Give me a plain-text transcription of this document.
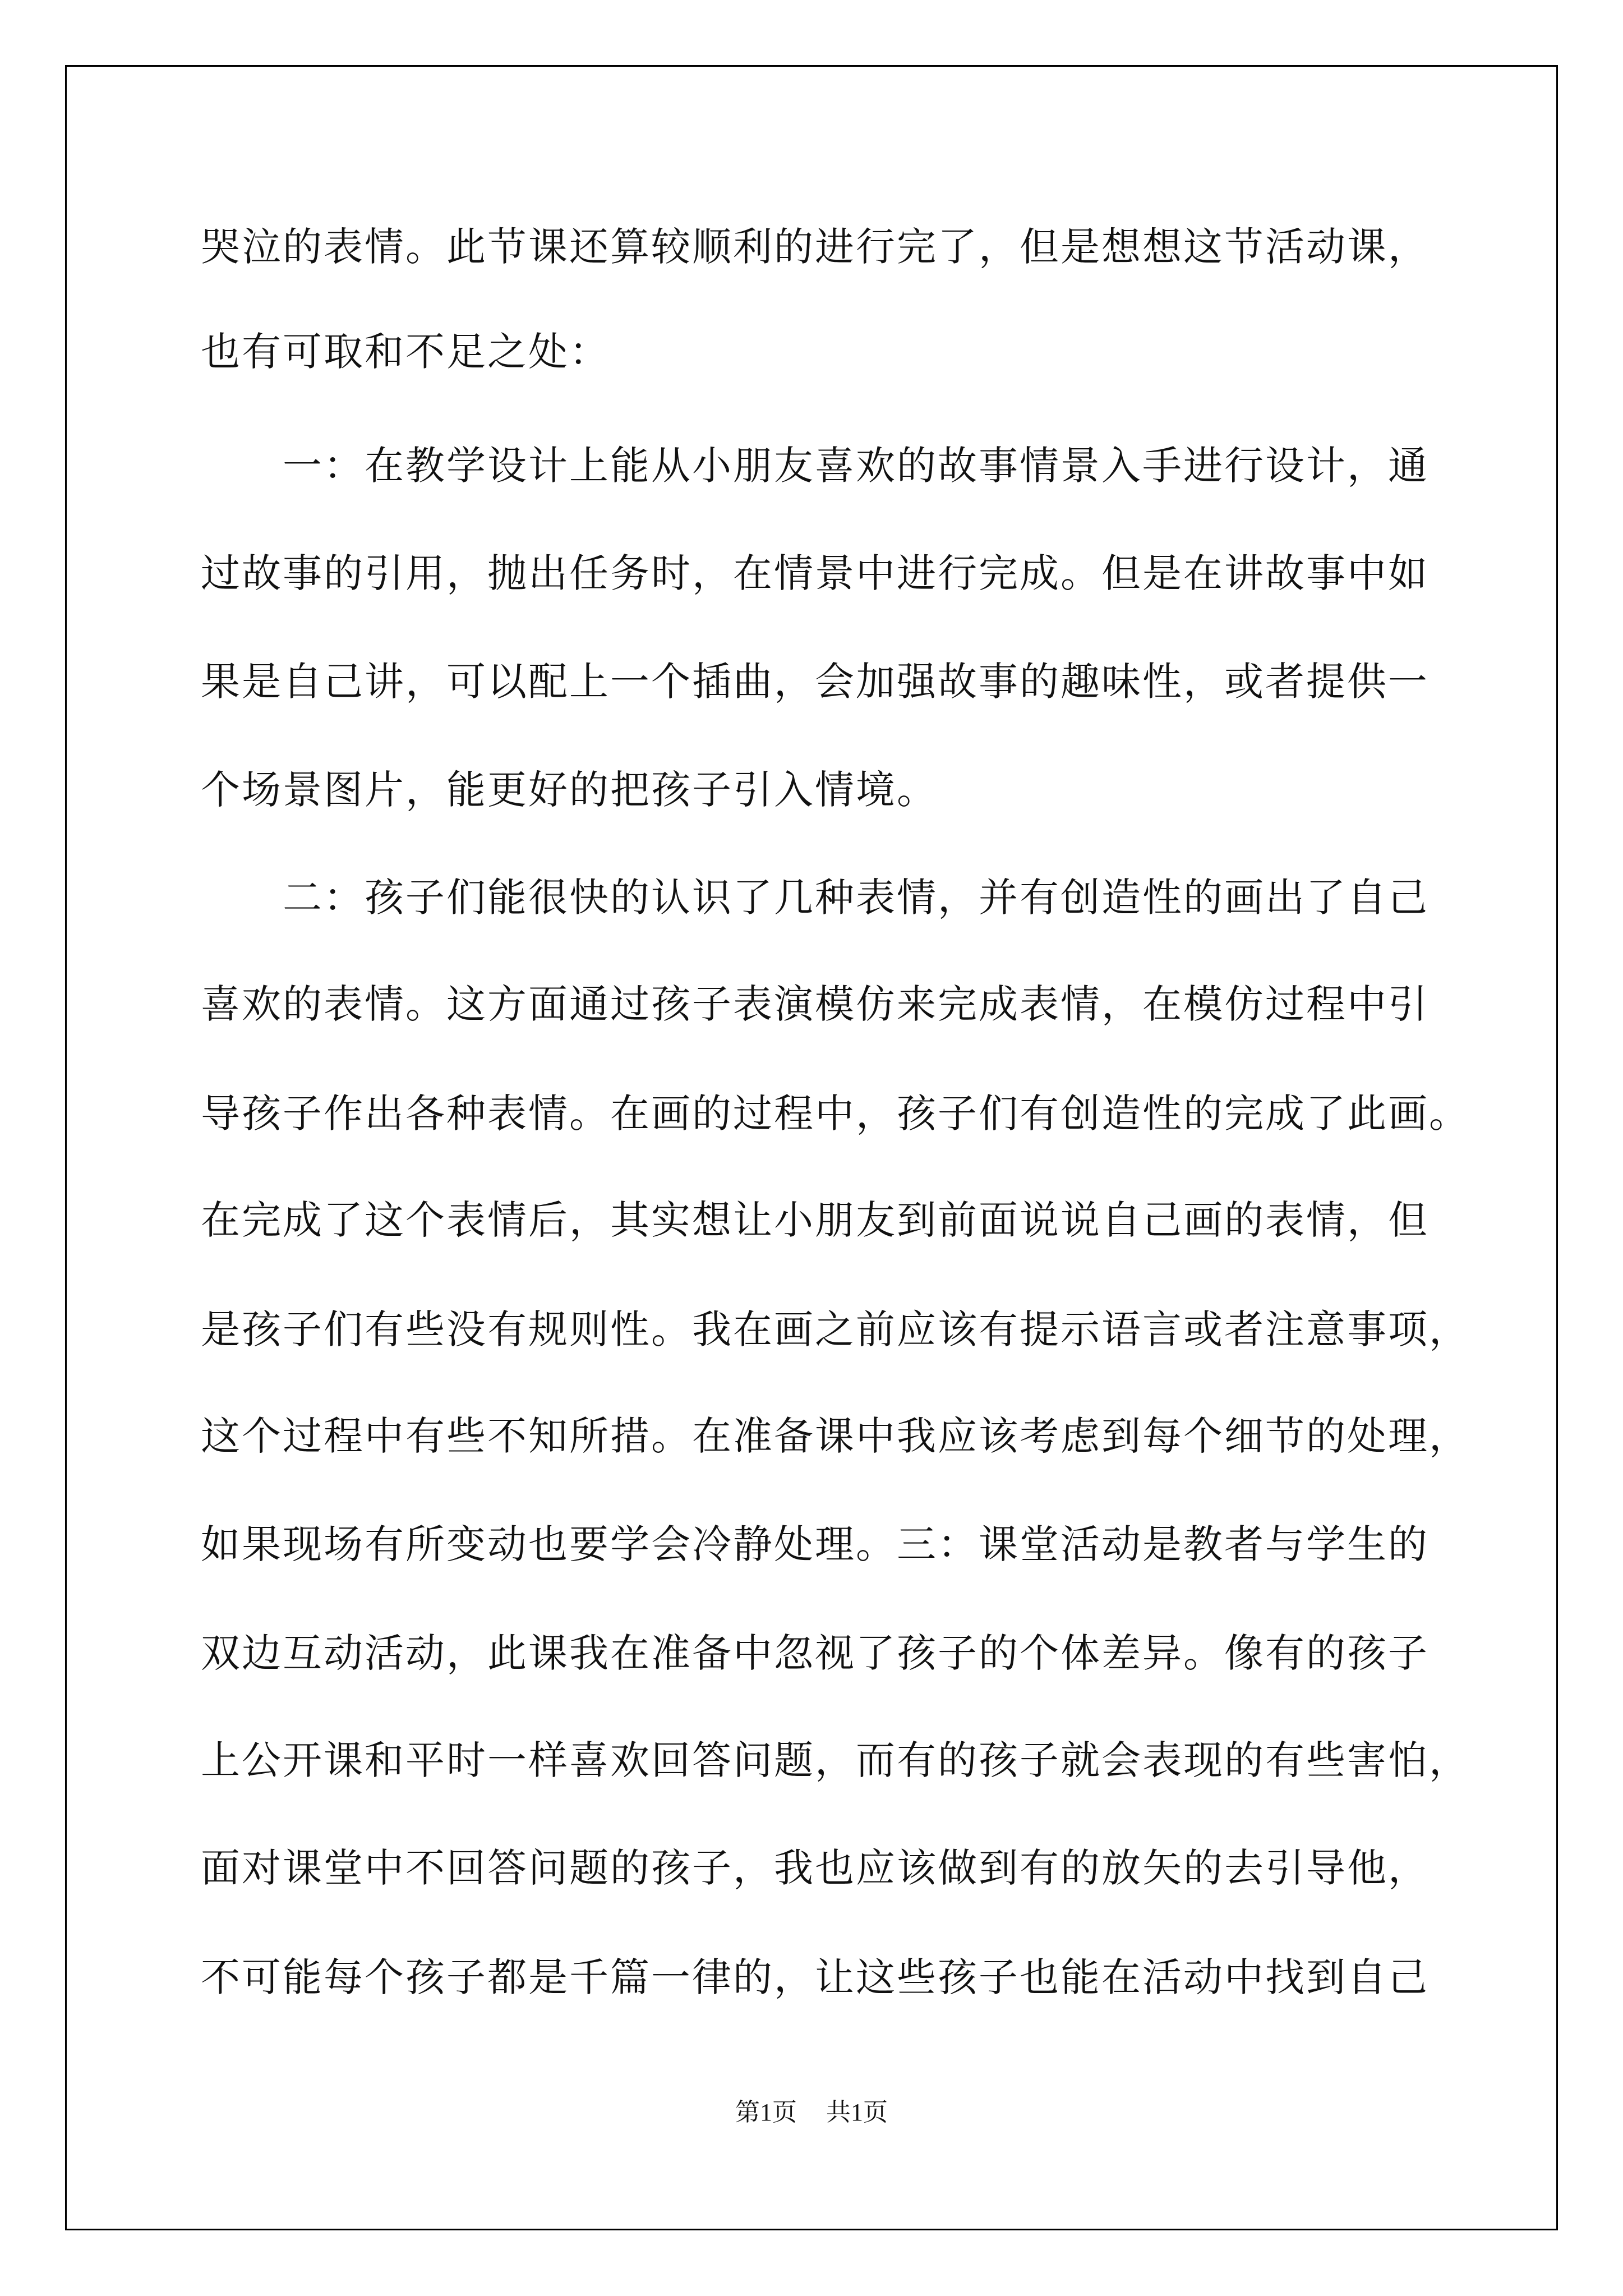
哭泣的表情。此节课还算较顺利的进行完了，但是想想这节活动课，
也有可取和不足之处：
　　一：在教学设计上能从小朋友喜欢的故事情景入手进行设计，通
过故事的引用，抛出任务时，在情景中进行完成。但是在讲故事中如
果是自己讲，可以配上一个插曲，会加强故事的趣味性，或者提供一
个场景图片，能更好的把孩子引入情境。
　　二：孩子们能很快的认识了几种表情，并有创造性的画出了自己
喜欢的表情。这方面通过孩子表演模仿来完成表情，在模仿过程中引
导孩子作出各种表情。在画的过程中，孩子们有创造性的完成了此画。
在完成了这个表情后，其实想让小朋友到前面说说自己画的表情，但
是孩子们有些没有规则性。我在画之前应该有提示语言或者注意事项，
这个过程中有些不知所措。在准备课中我应该考虑到每个细节的处理，
如果现场有所变动也要学会冷静处理。三：课堂活动是教者与学生的
双边互动活动，此课我在准备中忽视了孩子的个体差异。像有的孩子
上公开课和平时一样喜欢回答问题，而有的孩子就会表现的有些害怕，
面对课堂中不回答问题的孩子，我也应该做到有的放矢的去引导他，
不可能每个孩子都是千篇一律的，让这些孩子也能在活动中找到自己
第1页 共1页
